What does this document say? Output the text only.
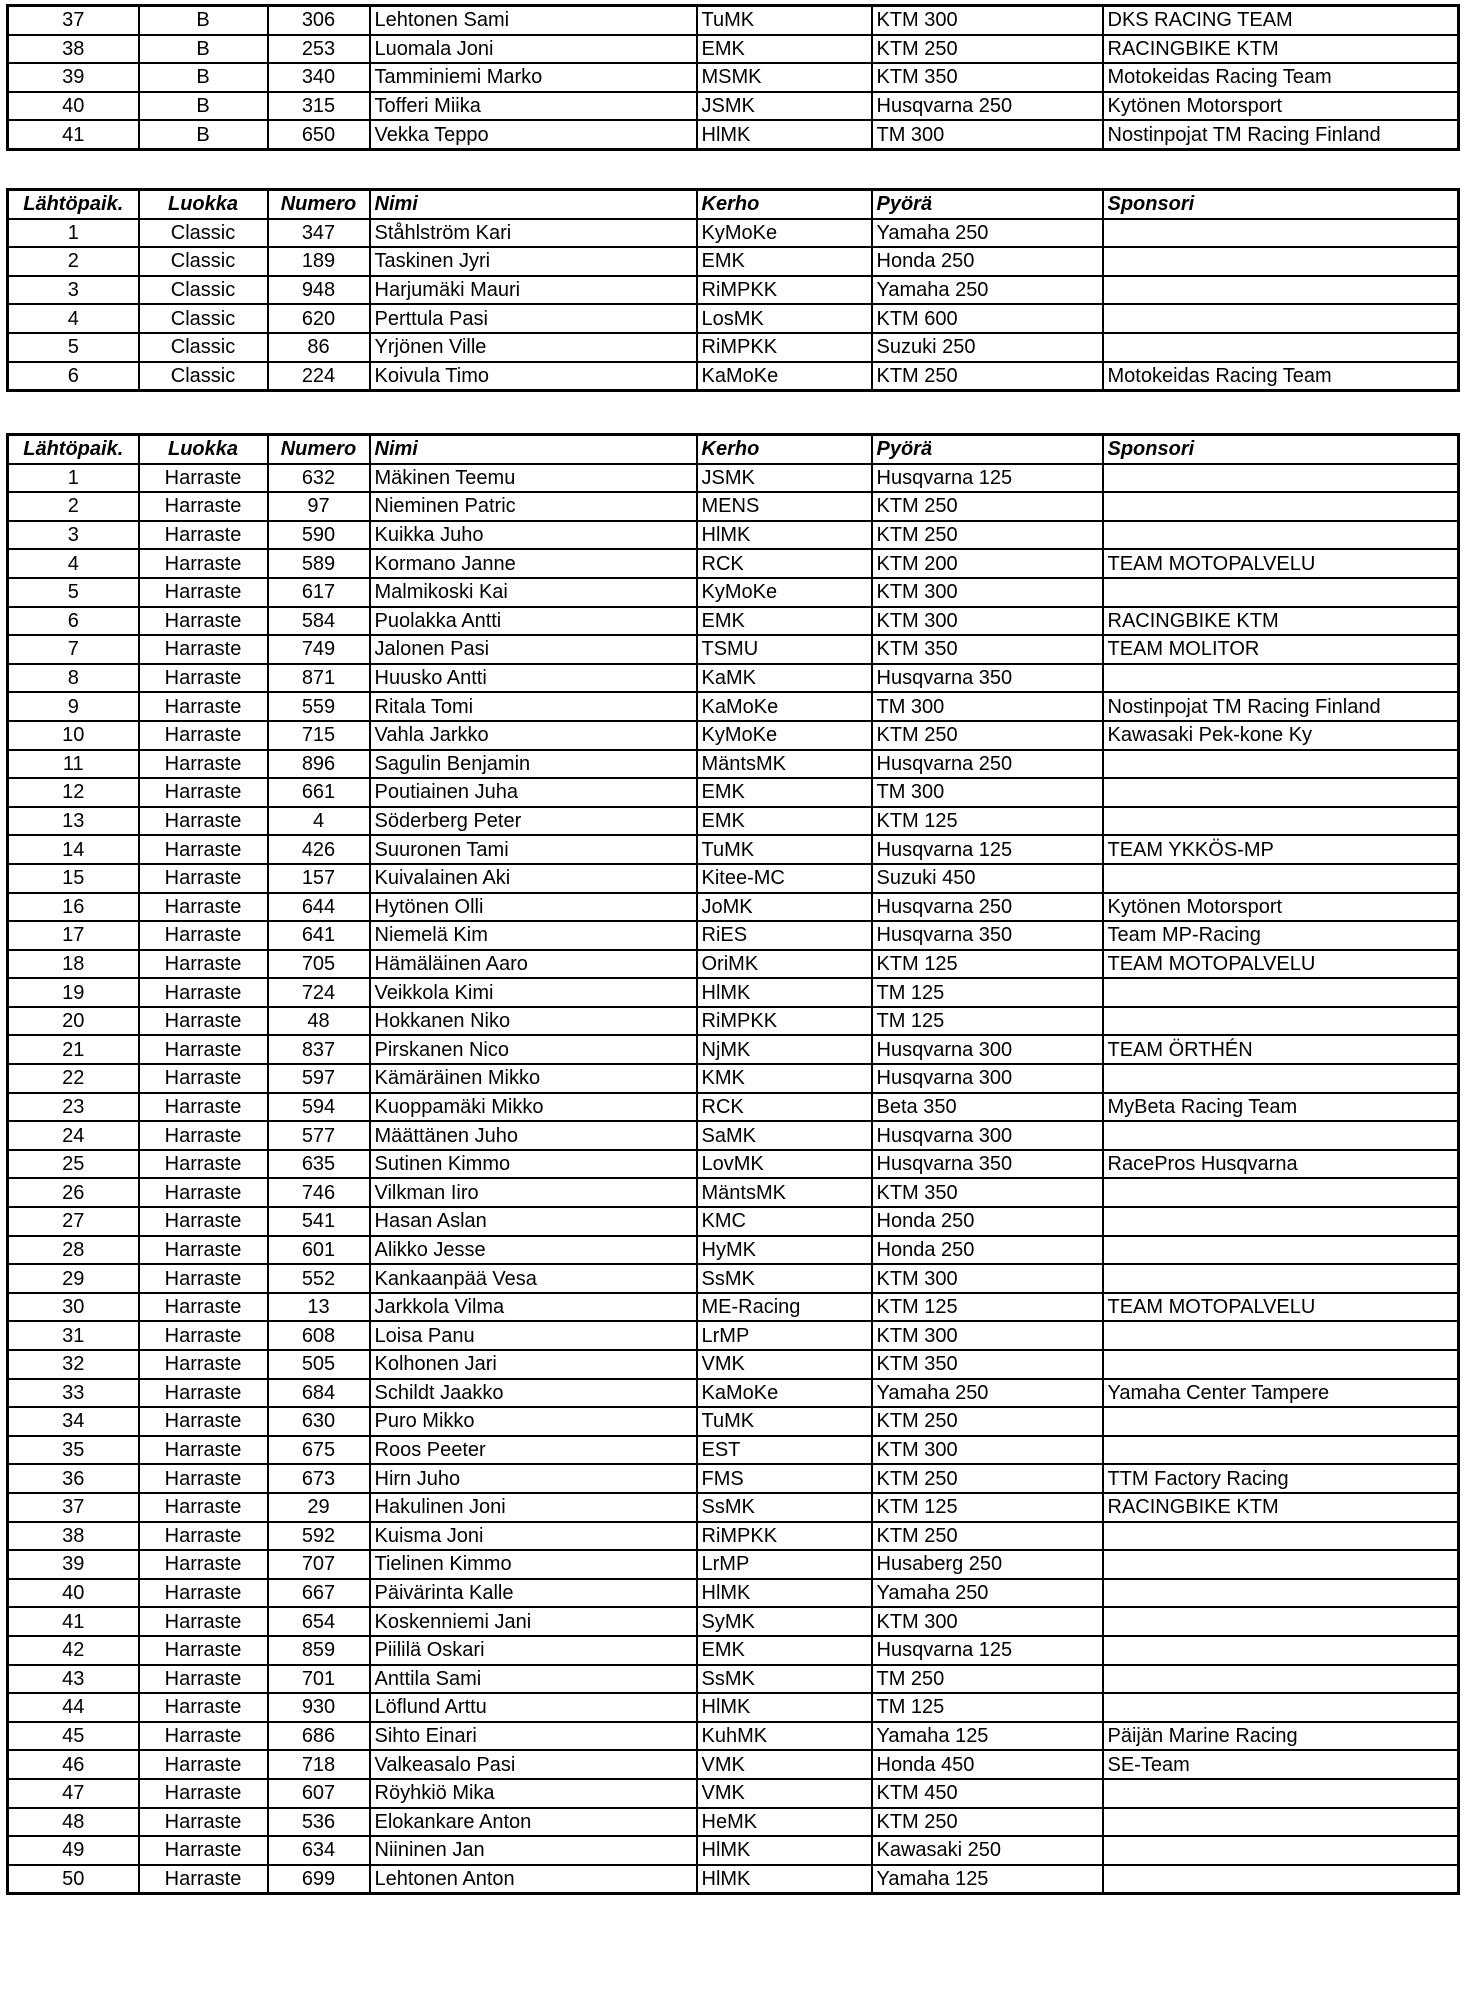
37	B	306	Lehtonen Sami	TuMK	KTM 300	DKS RACING TEAM
38	B	253	Luomala Joni	EMK	KTM 250	RACINGBIKE KTM
39	B	340	Tamminiemi Marko	MSMK	KTM 350	Motokeidas Racing Team
40	B	315	Tofferi Miika	JSMK	Husqvarna 250	Kytönen Motorsport
41	B	650	Vekka Teppo	HlMK	TM 300	Nostinpojat TM Racing Finland
Lähtöpaik.	Luokka	Numero	Nimi	Kerho	Pyörä	Sponsori
1	Classic	347	Ståhlström Kari	KyMoKe	Yamaha 250	
2	Classic	189	Taskinen Jyri	EMK	Honda 250	
3	Classic	948	Harjumäki Mauri	RiMPKK	Yamaha 250	
4	Classic	620	Perttula Pasi	LosMK	KTM 600	
5	Classic	86	Yrjönen Ville	RiMPKK	Suzuki 250	
6	Classic	224	Koivula Timo	KaMoKe	KTM 250	Motokeidas Racing Team
Lähtöpaik.	Luokka	Numero	Nimi	Kerho	Pyörä	Sponsori
1	Harraste	632	Mäkinen Teemu	JSMK	Husqvarna 125	
2	Harraste	97	Nieminen Patric	MENS	KTM 250	
3	Harraste	590	Kuikka Juho	HlMK	KTM 250	
4	Harraste	589	Kormano Janne	RCK	KTM 200	TEAM MOTOPALVELU
5	Harraste	617	Malmikoski Kai	KyMoKe	KTM 300	
6	Harraste	584	Puolakka Antti	EMK	KTM 300	RACINGBIKE KTM
7	Harraste	749	Jalonen Pasi	TSMU	KTM 350	TEAM MOLITOR
8	Harraste	871	Huusko Antti	KaMK	Husqvarna 350	
9	Harraste	559	Ritala Tomi	KaMoKe	TM 300	Nostinpojat TM Racing Finland
10	Harraste	715	Vahla Jarkko	KyMoKe	KTM 250	Kawasaki Pek-kone Ky
11	Harraste	896	Sagulin Benjamin	MäntsMK	Husqvarna 250	
12	Harraste	661	Poutiainen Juha	EMK	TM 300	
13	Harraste	4	Söderberg Peter	EMK	KTM 125	
14	Harraste	426	Suuronen Tami	TuMK	Husqvarna 125	TEAM YKKÖS-MP
15	Harraste	157	Kuivalainen Aki	Kitee-MC	Suzuki 450	
16	Harraste	644	Hytönen Olli	JoMK	Husqvarna 250	Kytönen Motorsport
17	Harraste	641	Niemelä Kim	RiES	Husqvarna 350	Team MP-Racing
18	Harraste	705	Hämäläinen Aaro	OriMK	KTM 125	TEAM MOTOPALVELU
19	Harraste	724	Veikkola Kimi	HlMK	TM 125	
20	Harraste	48	Hokkanen Niko	RiMPKK	TM 125	
21	Harraste	837	Pirskanen Nico	NjMK	Husqvarna 300	TEAM ÖRTHÉN
22	Harraste	597	Kämäräinen Mikko	KMK	Husqvarna 300	
23	Harraste	594	Kuoppamäki Mikko	RCK	Beta 350	MyBeta Racing Team
24	Harraste	577	Määttänen Juho	SaMK	Husqvarna 300	
25	Harraste	635	Sutinen Kimmo	LovMK	Husqvarna 350	RacePros Husqvarna
26	Harraste	746	Vilkman Iiro	MäntsMK	KTM 350	
27	Harraste	541	Hasan Aslan	KMC	Honda 250	
28	Harraste	601	Alikko Jesse	HyMK	Honda 250	
29	Harraste	552	Kankaanpää Vesa	SsMK	KTM 300	
30	Harraste	13	Jarkkola Vilma	ME-Racing	KTM 125	TEAM MOTOPALVELU
31	Harraste	608	Loisa Panu	LrMP	KTM 300	
32	Harraste	505	Kolhonen Jari	VMK	KTM 350	
33	Harraste	684	Schildt Jaakko	KaMoKe	Yamaha 250	Yamaha Center Tampere
34	Harraste	630	Puro Mikko	TuMK	KTM 250	
35	Harraste	675	Roos Peeter	EST	KTM 300	
36	Harraste	673	Hirn Juho	FMS	KTM 250	TTM Factory Racing
37	Harraste	29	Hakulinen Joni	SsMK	KTM 125	RACINGBIKE KTM
38	Harraste	592	Kuisma Joni	RiMPKK	KTM 250	
39	Harraste	707	Tielinen Kimmo	LrMP	Husaberg 250	
40	Harraste	667	Päivärinta Kalle	HlMK	Yamaha 250	
41	Harraste	654	Koskenniemi Jani	SyMK	KTM 300	
42	Harraste	859	Piililä Oskari	EMK	Husqvarna 125	
43	Harraste	701	Anttila Sami	SsMK	TM 250	
44	Harraste	930	Löflund Arttu	HlMK	TM 125	
45	Harraste	686	Sihto Einari	KuhMK	Yamaha 125	Päijän Marine Racing
46	Harraste	718	Valkeasalo Pasi	VMK	Honda 450	SE-Team
47	Harraste	607	Röyhkiö Mika	VMK	KTM 450	
48	Harraste	536	Elokankare Anton	HeMK	KTM 250	
49	Harraste	634	Niininen Jan	HlMK	Kawasaki 250	
50	Harraste	699	Lehtonen Anton	HlMK	Yamaha 125	
